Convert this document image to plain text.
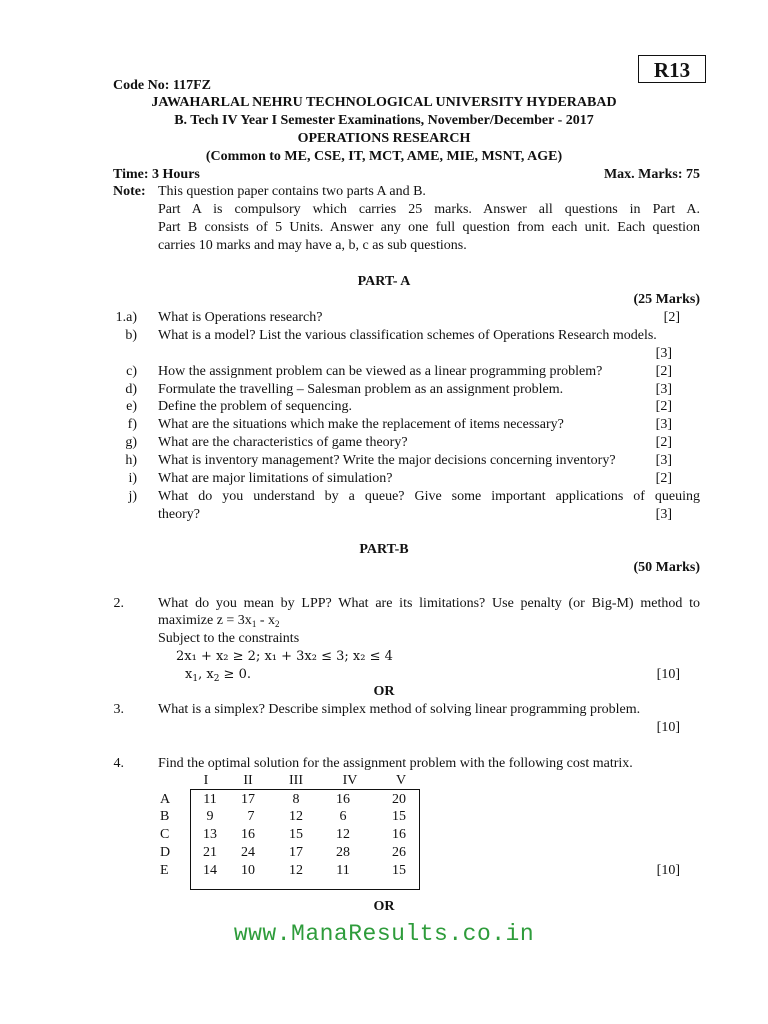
R13
Code No: 117FZ
JAWAHARLAL NEHRU TECHNOLOGICAL UNIVERSITY HYDERABAD
B. Tech IV Year I Semester Examinations, November/December - 2017
OPERATIONS RESEARCH
(Common to ME, CSE, IT, MCT, AME, MIE, MSNT, AGE)
Time: 3 Hours	Max. Marks: 75
Note: This question paper contains two parts A and B.
Part A is compulsory which carries 25 marks. Answer all questions in Part A.
Part B consists of 5 Units. Answer any one full question from each unit. Each question
carries 10 marks and may have a, b, c as sub questions.
PART- A
(25 Marks)
1.a) What is Operations research?	[2]
b) What is a model? List the various classification schemes of Operations Research models.
[3]
c) How the assignment problem can be viewed as a linear programming problem?	[2]
d) Formulate the travelling – Salesman problem as an assignment problem.	[3]
e) Define the problem of sequencing.	[2]
f) What are the situations which make the replacement of items necessary?	[3]
g) What are the characteristics of game theory?	[2]
h) What is inventory management? Write the major decisions concerning inventory?	[3]
i) What are major limitations of simulation?	[2]
j) What do you understand by a queue? Give some important applications of queuing
theory?	[3]
PART-B
(50 Marks)
2. What do you mean by LPP? What are its limitations? Use penalty (or Big-M) method to
maximize $z = 3x_1 - x_2$
Subject to the constraints
2x₁ + x₂ ≥ 2; x₁ + 3x₂ ≤ 3; x₂ ≤ 4
$x_1$, $x_2 \ge 0$.	[10]
OR
3. What is a simplex? Describe simplex method of solving linear programming problem.
[10]
4. Find the optimal solution for the assignment problem with the following cost matrix.
I	II	III	IV	V
A	11	17	8	16	20
B	9	7	12	6	15
C	13	16	15	12	16
D	21	24	17	28	26
E	14	10	12	11	15	[10]
OR
www.ManaResults.co.in
